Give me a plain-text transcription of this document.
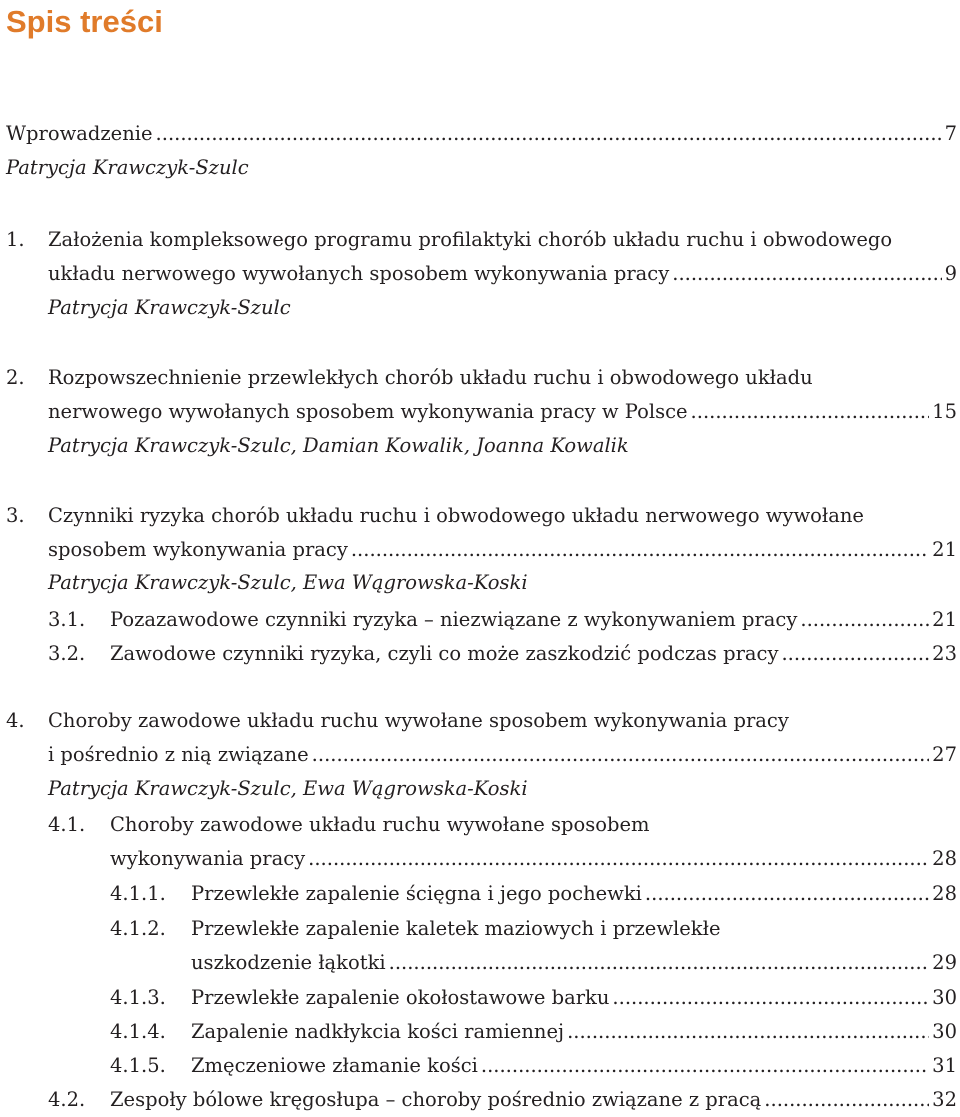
Spis treści
Wprowadzenie .....	7
Patrycja Krawczyk-Szulc
1. Założenia kompleksowego programu profilaktyki chorób układu ruchu i obwodowego
układu nerwowego wywołanych sposobem wykonywania pracy .....	9
Patrycja Krawczyk-Szulc
2. Rozpowszechnienie przewlekłych chorób układu ruchu i obwodowego układu
nerwowego wywołanych sposobem wykonywania pracy w Polsce .....	15
Patrycja Krawczyk-Szulc, Damian Kowalik, Joanna Kowalik
3. Czynniki ryzyka chorób układu ruchu i obwodowego układu nerwowego wywołane
sposobem wykonywania pracy .....	21
Patrycja Krawczyk-Szulc, Ewa Wągrowska-Koski
3.1. Pozazawodowe czynniki ryzyka – niezwiązane z wykonywaniem pracy .....	21
3.2. Zawodowe czynniki ryzyka, czyli co może zaszkodzić podczas pracy .....	23
4. Choroby zawodowe układu ruchu wywołane sposobem wykonywania pracy
i pośrednio z nią związane .....	27
Patrycja Krawczyk-Szulc, Ewa Wągrowska-Koski
4.1. Choroby zawodowe układu ruchu wywołane sposobem
wykonywania pracy .....	28
4.1.1. Przewlekłe zapalenie ścięgna i jego pochewki .....	28
4.1.2. Przewlekłe zapalenie kaletek maziowych i przewlekłe
uszkodzenie łąkotki .....	29
4.1.3. Przewlekłe zapalenie okołostawowe barku .....	30
4.1.4. Zapalenie nadkłykcia kości ramiennej .....	30
4.1.5. Zmęczeniowe złamanie kości .....	31
4.2. Zespoły bólowe kręgosłupa – choroby pośrednio związane z pracą .....	32
